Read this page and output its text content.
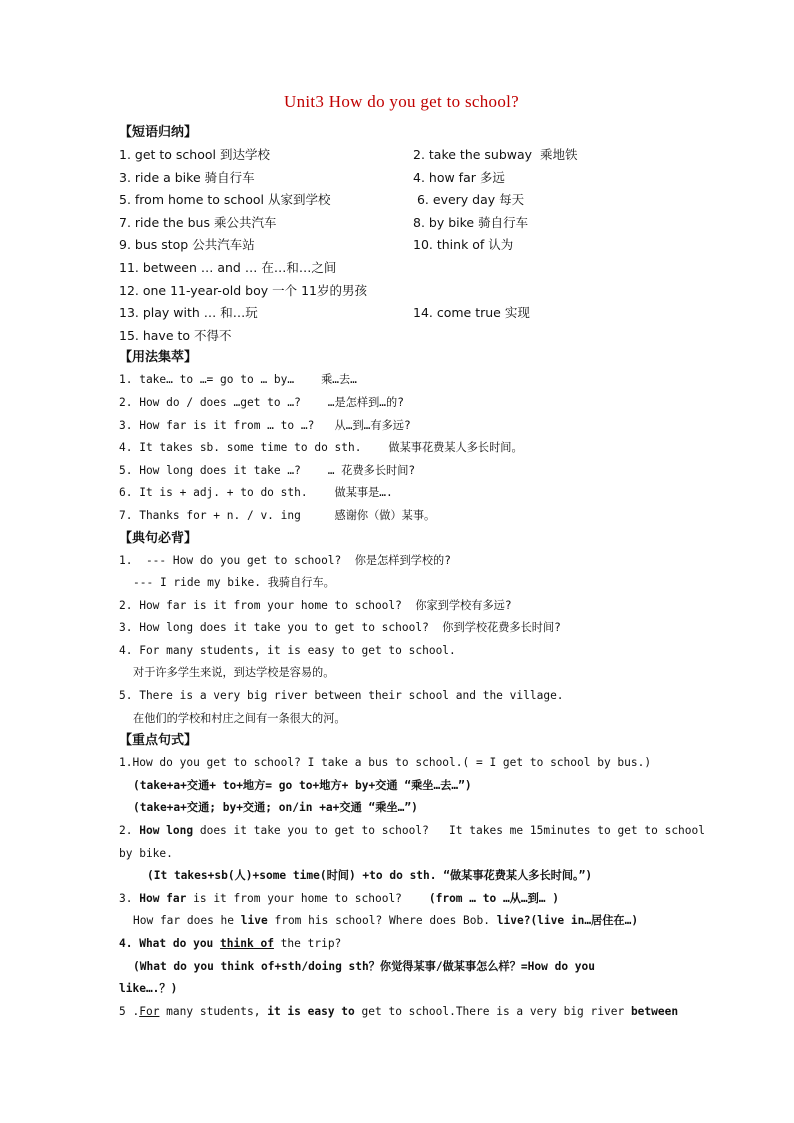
Unit3 How do you get to school?
【短语归纳】
1. get to school 到达学校	2. take the subway  乘地铁
3. ride a bike 骑自行车	4. how far 多远
5. from home to school 从家到学校	6. every day 每天
7. ride the bus 乘公共汽车	8. by bike 骑自行车
9. bus stop 公共汽车站	10. think of 认为
11. between … and … 在…和…之间
12. one 11-year-old boy 一个 11岁的男孩
13. play with … 和…玩	14. come true 实现
15. have to 不得不
【用法集萃】
1. take… to …= go to … by…    乘…去…
2. How do / does …get to …?    …是怎样到…的?
3. How far is it from … to …?   从…到…有多远?
4. It takes sb. some time to do sth.    做某事花费某人多长时间。
5. How long does it take …?    … 花费多长时间?
6. It is + adj. + to do sth.    做某事是….
7. Thanks for + n. / v. ing     感谢你（做）某事。
【典句必背】
1.  --- How do you get to school?  你是怎样到学校的?
--- I ride my bike. 我骑自行车。
2. How far is it from your home to school?  你家到学校有多远?
3. How long does it take you to get to school?  你到学校花费多长时间?
4. For many students, it is easy to get to school.
对于许多学生来说，到达学校是容易的。
5. There is a very big river between their school and the village.
在他们的学校和村庄之间有一条很大的河。
【重点句式】
1.How do you get to school? I take a bus to school.( = I get to school by bus.)
(take+a+交通+ to+地方= go to+地方+ by+交通 “乘坐…去…”)
(take+a+交通; by+交通; on/in +a+交通 “乘坐…”)
2. How long does it take you to get to school?   It takes me 15minutes to get to school
by bike.
(It takes+sb(人)+some time(时间) +to do sth. “做某事花费某人多长时间。”)
3. How far is it from your home to school?    (from … to …从…到… )
How far does he live from his school? Where does Bob. live?(live in…居住在…)
4. What do you think of the trip?
(What do you think of+sth/doing sth？你觉得某事/做某事怎么样？=How do you
like….？)
5 .For many students, it is easy to get to school.There is a very big river between
